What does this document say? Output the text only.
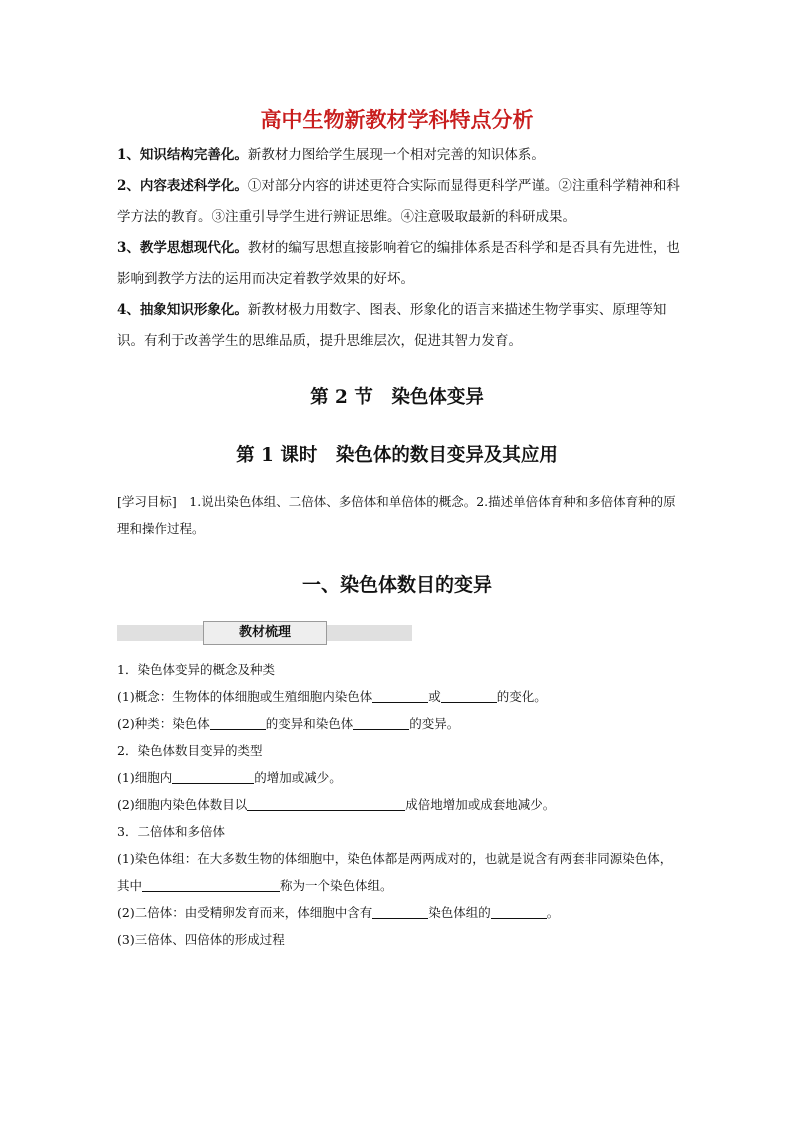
高中生物新教材学科特点分析

1、知识结构完善化。新教材力图给学生展现一个相对完善的知识体系。

2、内容表述科学化。①对部分内容的讲述更符合实际而显得更科学严谨。②注重科学精神和科学方法的教育。③注重引导学生进行辨证思维。④注意吸取最新的科研成果。

3、教学思想现代化。教材的编写思想直接影响着它的编排体系是否科学和是否具有先进性，也影响到教学方法的运用而决定着教学效果的好坏。

4、抽象知识形象化。新教材极力用数字、图表、形象化的语言来描述生物学事实、原理等知识。有利于改善学生的思维品质，提升思维层次，促进其智力发育。

第 2 节　染色体变异
第 1 课时　染色体的数目变异及其应用

[学习目标]　 1.说出染色体组、二倍体、多倍体和单倍体的概念。2.描述单倍体育种和多倍体育种的原理和操作过程。

一、染色体数目的变异
教材梳理

1．染色体变异的概念及种类

(1)概念：生物体的体细胞或生殖细胞内染色体	或	的变化。

(2)种类：染色体	的变异和染色体	的变异。

2．染色体数目变异的类型

(1)细胞内	的增加或减少。

(2)细胞内染色体数目以	成倍地增加或成套地减少。

3．二倍体和多倍体

(1)染色体组：在大多数生物的体细胞中，染色体都是两两成对的，也就是说含有两套非同源染色体，其中	称为一个染色体组。

(2)二倍体：由受精卵发育而来，体细胞中含有	染色体组的	。

(3)三倍体、四倍体的形成过程
